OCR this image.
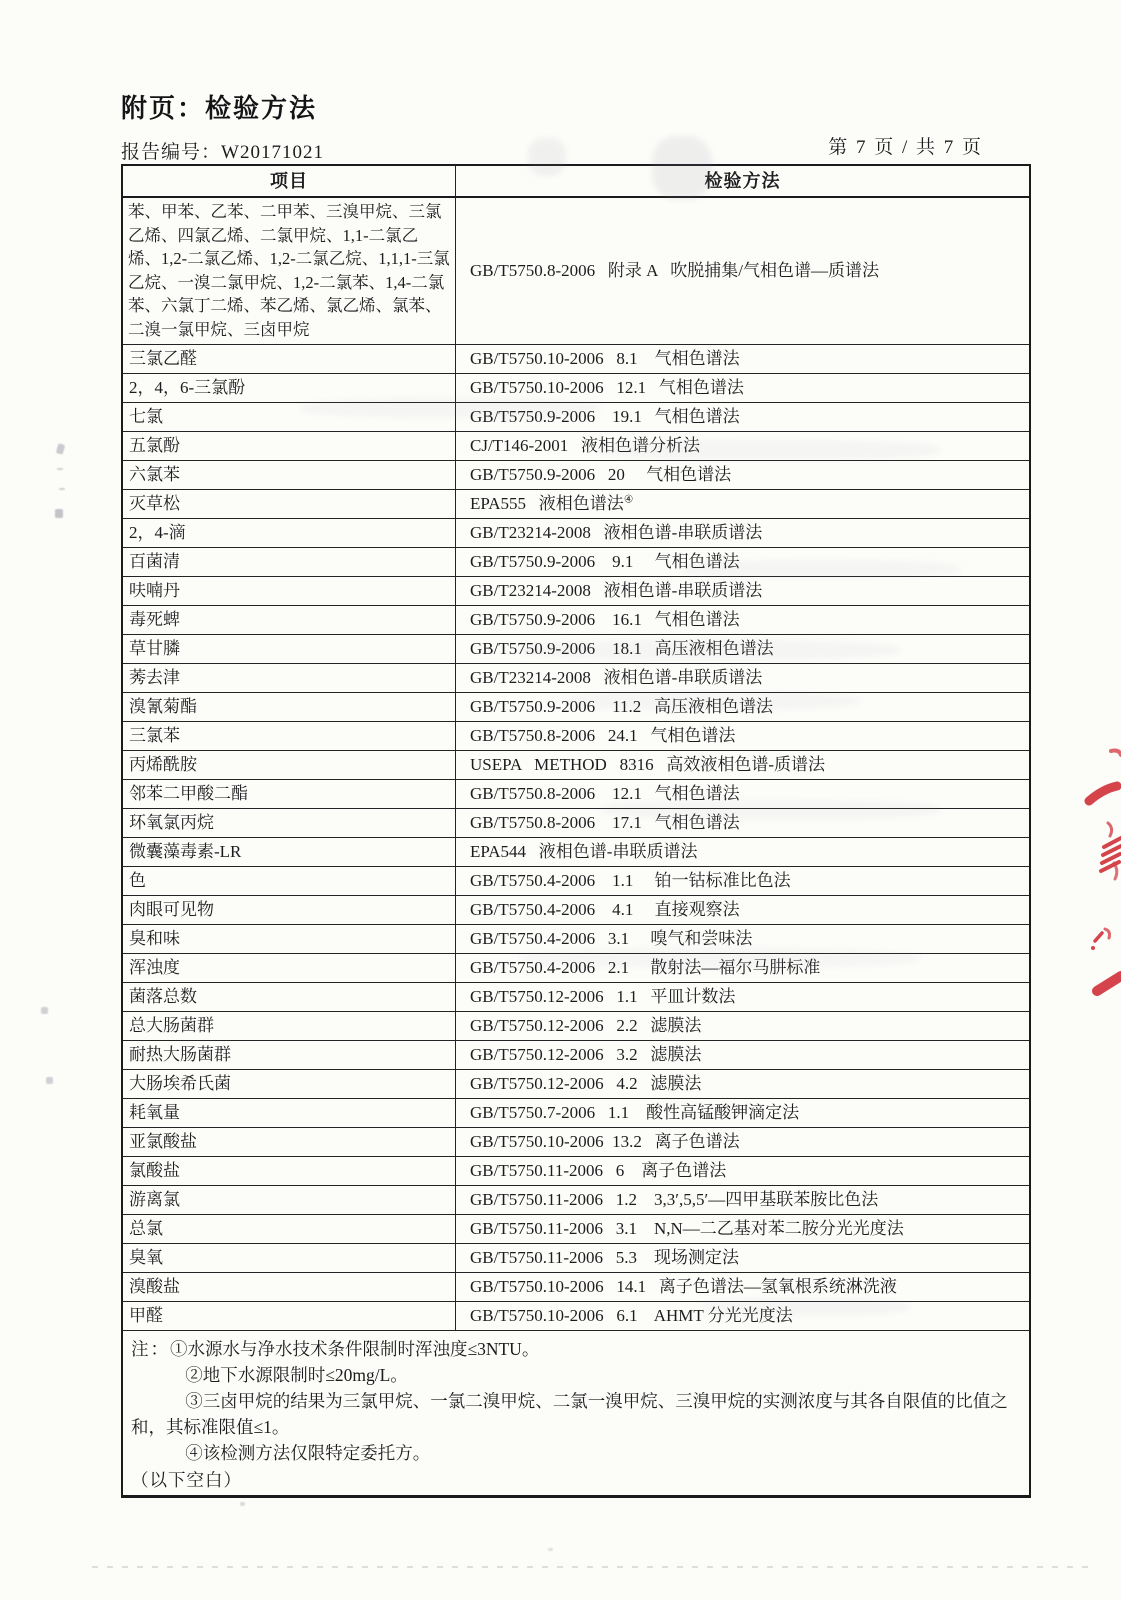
附页：检验方法
报告编号：W20171021	第 7 页 / 共 7 页
项目	检验方法
苯、甲苯、乙苯、二甲苯、三溴甲烷、三氯乙烯、四氯乙烯、二氯甲烷、1,1-二氯乙烯、1,2-二氯乙烯、1,2-二氯乙烷、1,1,1-三氯乙烷、一溴二氯甲烷、1,2-二氯苯、1,4-二氯苯、六氯丁二烯、苯乙烯、氯乙烯、氯苯、二溴一氯甲烷、三卤甲烷
GB/T5750.8-2006   附录 A   吹脱捕集/气相色谱—质谱法
三氯乙醛	GB/T5750.10-2006   8.1    气相色谱法
2，4，6-三氯酚	GB/T5750.10-2006   12.1   气相色谱法
七氯	GB/T5750.9-2006    19.1   气相色谱法
五氯酚	CJ/T146-2001   液相色谱分析法
六氯苯	GB/T5750.9-2006   20     气相色谱法
灭草松	EPA555   液相色谱法④
2，4-滴	GB/T23214-2008   液相色谱-串联质谱法
百菌清	GB/T5750.9-2006    9.1     气相色谱法
呋喃丹	GB/T23214-2008   液相色谱-串联质谱法
毒死蜱	GB/T5750.9-2006    16.1   气相色谱法
草甘膦	GB/T5750.9-2006    18.1   高压液相色谱法
莠去津	GB/T23214-2008   液相色谱-串联质谱法
溴氰菊酯	GB/T5750.9-2006    11.2   高压液相色谱法
三氯苯	GB/T5750.8-2006   24.1   气相色谱法
丙烯酰胺	USEPA   METHOD   8316   高效液相色谱-质谱法
邻苯二甲酸二酯	GB/T5750.8-2006    12.1   气相色谱法
环氧氯丙烷	GB/T5750.8-2006    17.1   气相色谱法
微囊藻毒素-LR	EPA544   液相色谱-串联质谱法
色	GB/T5750.4-2006    1.1     铂一钴标准比色法
肉眼可见物	GB/T5750.4-2006    4.1     直接观察法
臭和味	GB/T5750.4-2006   3.1     嗅气和尝味法
浑浊度	GB/T5750.4-2006   2.1     散射法—福尔马肼标准
菌落总数	GB/T5750.12-2006   1.1   平皿计数法
总大肠菌群	GB/T5750.12-2006   2.2   滤膜法
耐热大肠菌群	GB/T5750.12-2006   3.2   滤膜法
大肠埃希氏菌	GB/T5750.12-2006   4.2   滤膜法
耗氧量	GB/T5750.7-2006   1.1    酸性高锰酸钾滴定法
亚氯酸盐	GB/T5750.10-2006  13.2   离子色谱法
氯酸盐	GB/T5750.11-2006   6    离子色谱法
游离氯	GB/T5750.11-2006   1.2    3,3′,5,5′—四甲基联苯胺比色法
总氯	GB/T5750.11-2006   3.1    N,N—二乙基对苯二胺分光光度法
臭氧	GB/T5750.11-2006   5.3    现场测定法
溴酸盐	GB/T5750.10-2006   14.1   离子色谱法—氢氧根系统淋洗液
甲醛	GB/T5750.10-2006   6.1    AHMT 分光光度法
注：①水源水与净水技术条件限制时浑浊度≤3NTU。

②地下水源限制时≤20mg/L。

③三卤甲烷的结果为三氯甲烷、一氯二溴甲烷、二氯一溴甲烷、三溴甲烷的实测浓度与其各自限值的比值之和，其标准限值≤1。

④该检测方法仅限特定委托方。

（以下空白）
